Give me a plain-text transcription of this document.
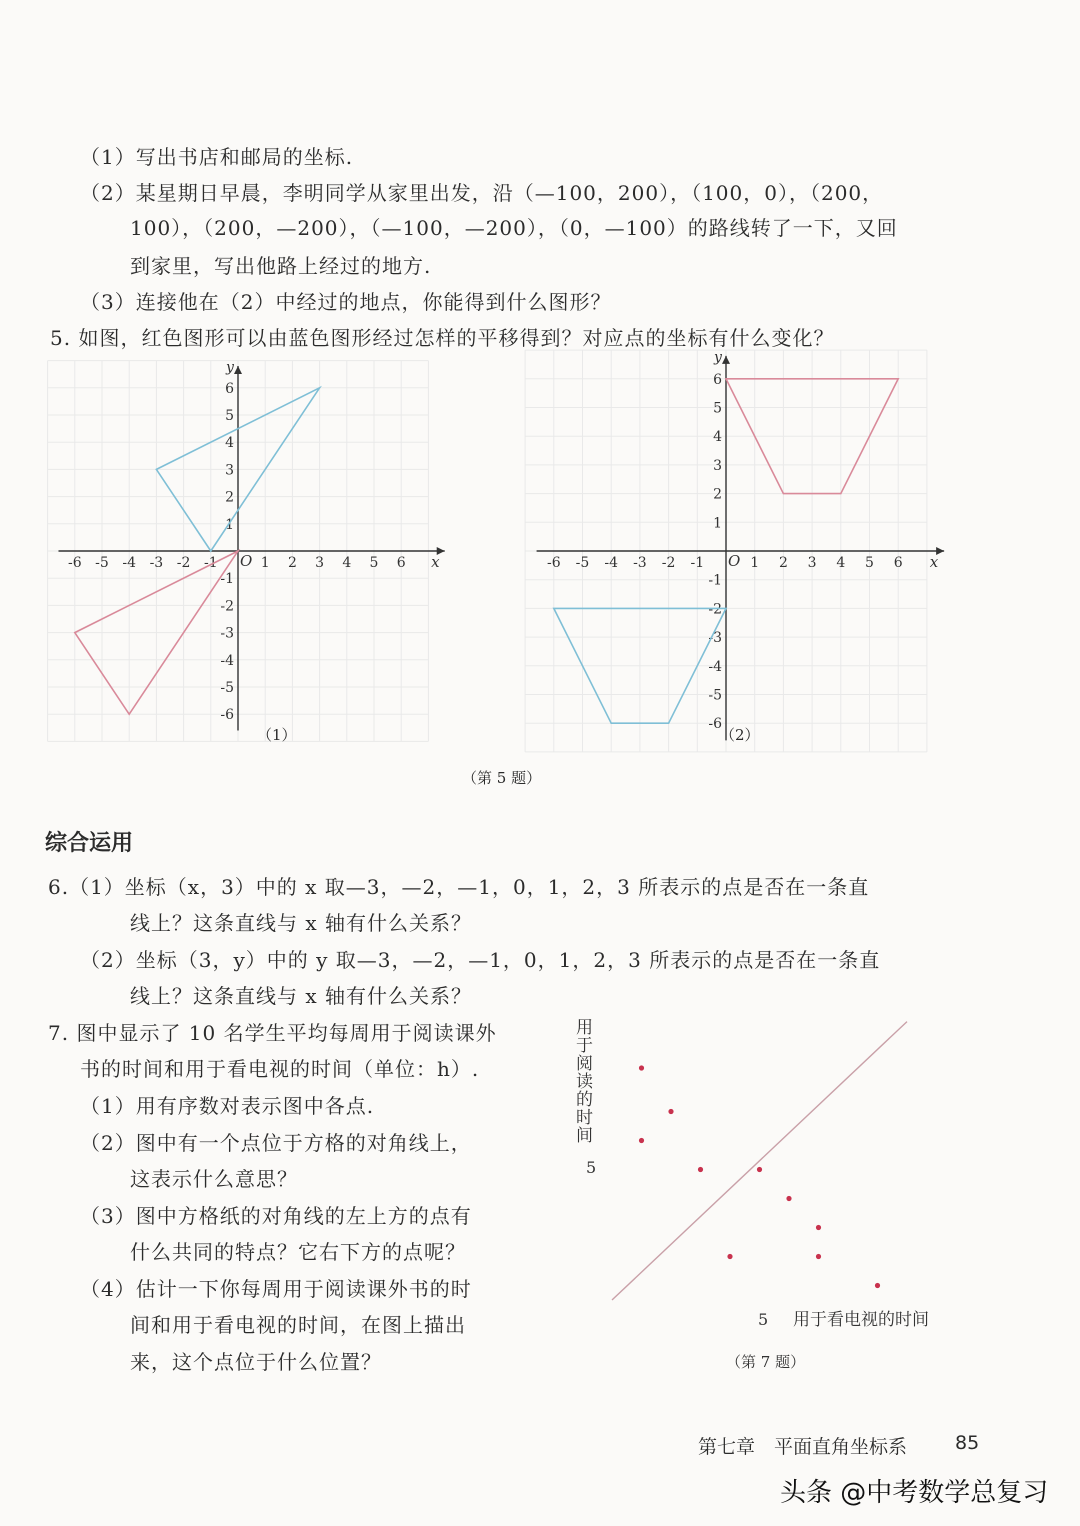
（1）写出书店和邮局的坐标.
（2）某星期日早晨，李明同学从家里出发，沿（—100，200），（100，0），（200，
100），（200，—200），（—100，—200），（0，—100）的路线转了一下，又回
到家里，写出他路上经过的地方.
（3）连接他在（2）中经过的地点，你能得到什么图形？
5. 如图，红色图形可以由蓝色图形经过怎样的平移得到？对应点的坐标有什么变化？
x
y
O
-6
-6
-5
-5
-4
-4
-3
-3
-2
-2
-1
-1
1
1
2
2
3
3
4
4
5
5
6
6
x
y
O
-6
-6
-5
-5
-4
-4
-3
-3
-2
-2
-1
-1
1
1
2
2
3
3
4
4
5
5
6
6
（1）	（2）
（第 5 题）
综合运用
6.（1）坐标（x，3）中的 x 取—3，—2，—1，0，1，2，3 所表示的点是否在一条直
线上？这条直线与 x 轴有什么关系？
（2）坐标（3，y）中的 y 取—3，—2，—1，0，1，2，3 所表示的点是否在一条直
线上？这条直线与 x 轴有什么关系？
7. 图中显示了 10 名学生平均每周用于阅读课外
书的时间和用于看电视的时间（单位：h）.
（1）用有序数对表示图中各点.
（2）图中有一个点位于方格的对角线上，
这表示什么意思？
（3）图中方格纸的对角线的左上方的点有
什么共同的特点？它右下方的点呢？
（4）估计一下你每周用于阅读课外书的时
间和用于看电视的时间，在图上描出
来，这个点位于什么位置？
5
5 用于看电视的时间
（第 7 题）
用
于
阅
读
的
时
间
第七章　平面直角坐标系	85
头条 @中考数学总复习
